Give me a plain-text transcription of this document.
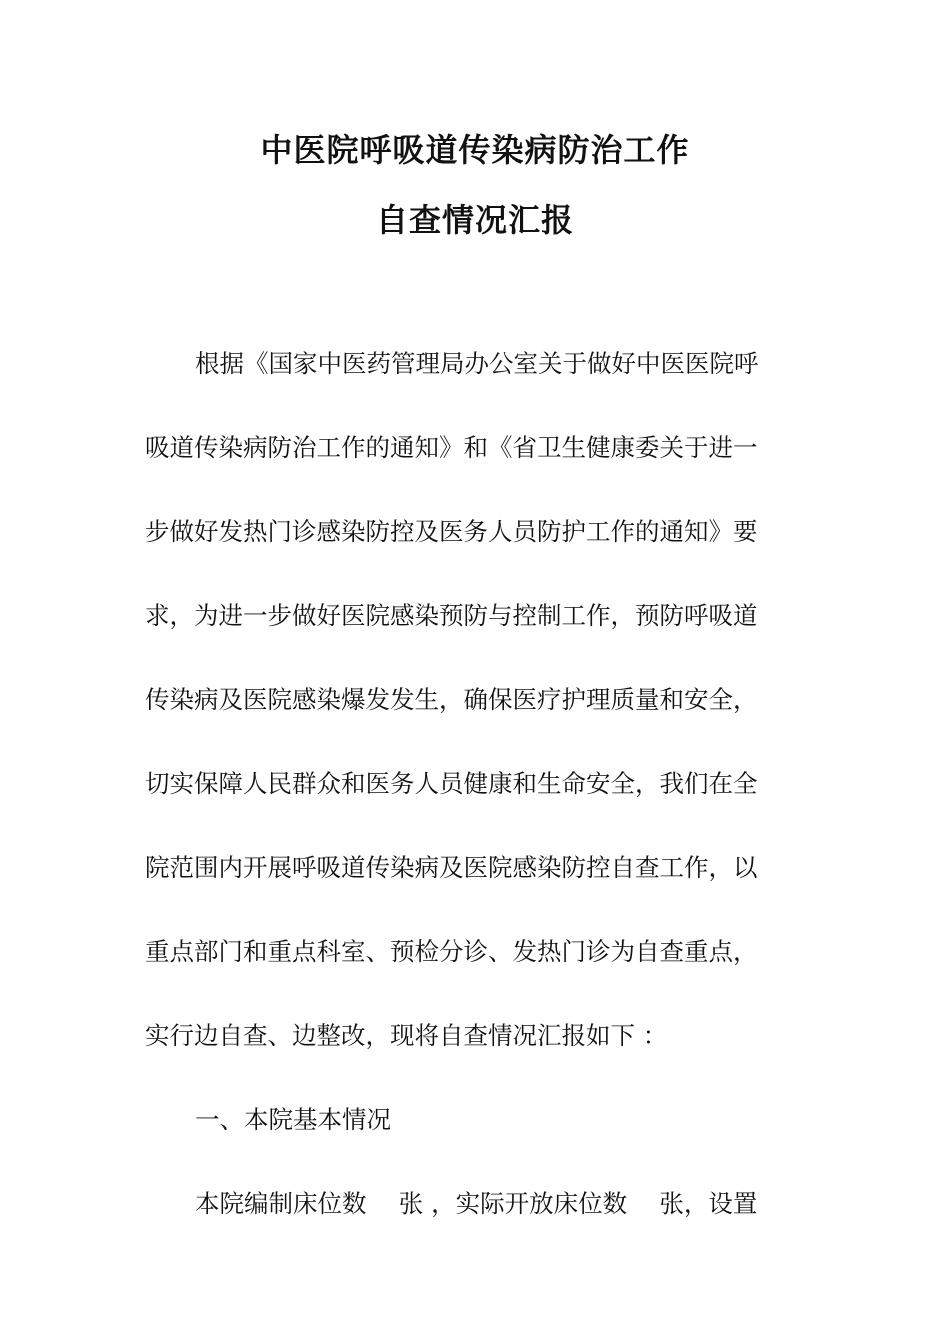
中医院呼吸道传染病防治工作
自查情况汇报
根据《国家中医药管理局办公室关于做好中医医院呼
吸道传染病防治工作的通知》和《省卫生健康委关于进一
步做好发热门诊感染防控及医务人员防护工作的通知》要
求，为进一步做好医院感染预防与控制工作，预防呼吸道
传染病及医院感染爆发发生，确保医疗护理质量和安全，
切实保障人民群众和医务人员健康和生命安全，我们在全
院范围内开展呼吸道传染病及医院感染防控自查工作，以
重点部门和重点科室、预检分诊、发热门诊为自查重点，
实行边自查、边整改，现将自查情况汇报如下 ：
一、本院基本情况
本院编制床位数　 张 ，实际开放床位数　 张，设置
